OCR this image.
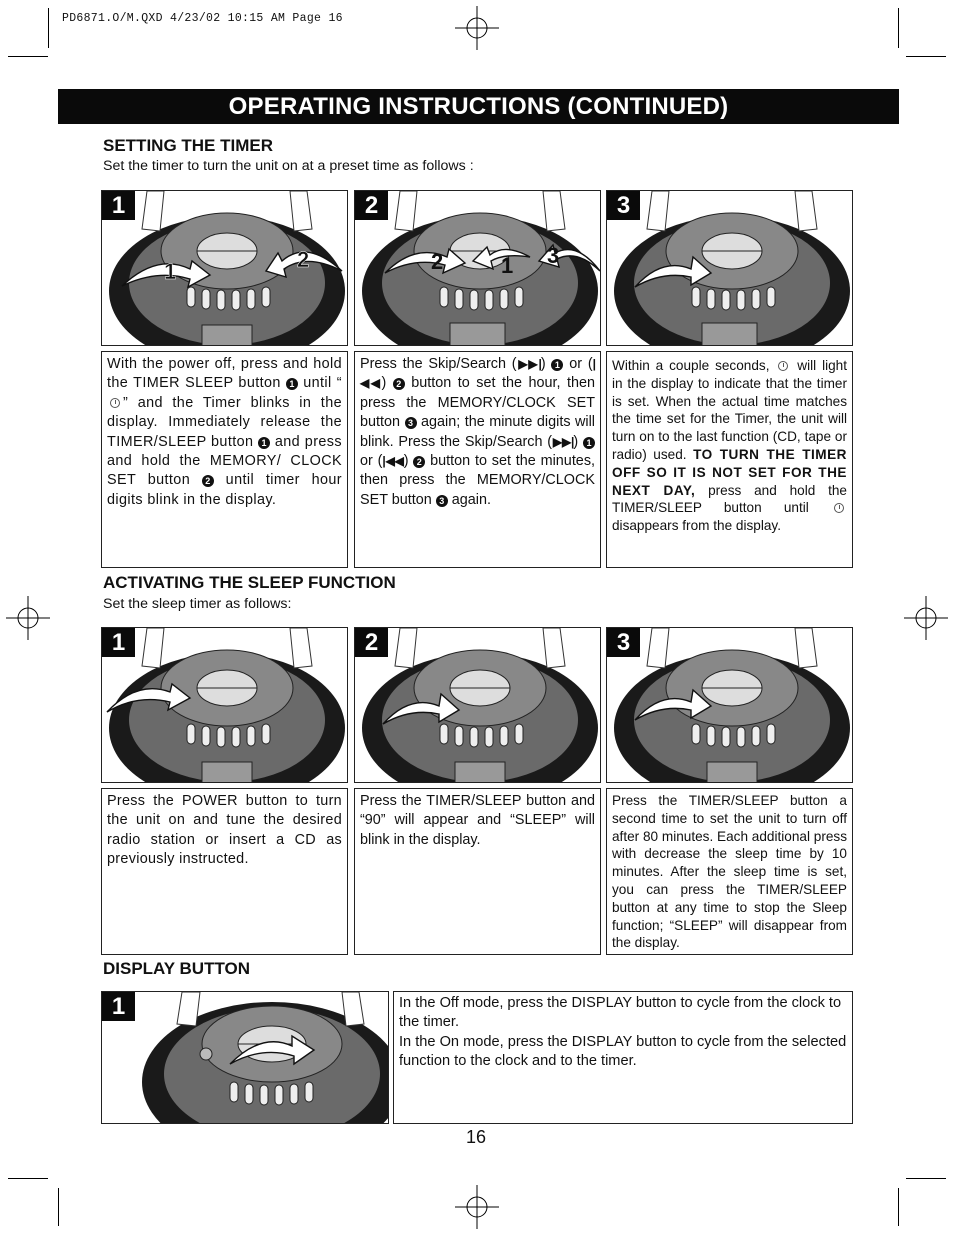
PD6871.O/M.QXD 4/23/02 10:15 AM Page 16
OPERATING INSTRUCTIONS (CONTINUED)
SETTING THE TIMER
Set the timer to turn the unit on at a preset time as follows :
1	2
1
2	1 3
2	3
With the power off, press and hold the TIMER SLEEP button 1 until “” and the Timer blinks in the display. Immediately release the TIMER/SLEEP button 1 and press and hold the MEMORY/ CLOCK SET button 2 until timer hour digits blink in the display.
Press the Skip/Search (▶▶|) 1 or (|◀◀) 2 button to set the hour, then press the MEMORY/CLOCK SET button 3 again; the minute digits will blink. Press the Skip/Search (▶▶|) 1 or (|◀◀) 2 button to set the minutes, then press the MEMORY/CLOCK SET button 3 again.
Within a couple seconds, will light in the display to indicate that the timer is set. When the actual time matches the time set for the Timer, the unit will turn on to the last function (CD, tape or radio) used. TO TURN THE TIMER OFF SO IT IS NOT SET FOR THE NEXT DAY, press and hold the TIMER/SLEEP button until  disappears from the display.
ACTIVATING THE SLEEP FUNCTION
Set the sleep timer as follows:
1	2	3
Press the POWER button to turn the unit on and tune the desired radio station or insert a CD as previously instructed.
Press the TIMER/SLEEP button and “90” will appear and “SLEEP” will blink in the display.
Press the TIMER/SLEEP button a second time to set the unit to turn off after 80 minutes. Each additional press with decrease the sleep time by 10 minutes. After the sleep time is set, you can press the TIMER/SLEEP button at any time to stop the Sleep function; “SLEEP” will disappear from the display.
DISPLAY BUTTON
1	In the Off mode, press the DISPLAY button to cycle from the clock to the timer.
In the On mode, press the DISPLAY button to cycle from the selected function to the clock and to the timer.
16
